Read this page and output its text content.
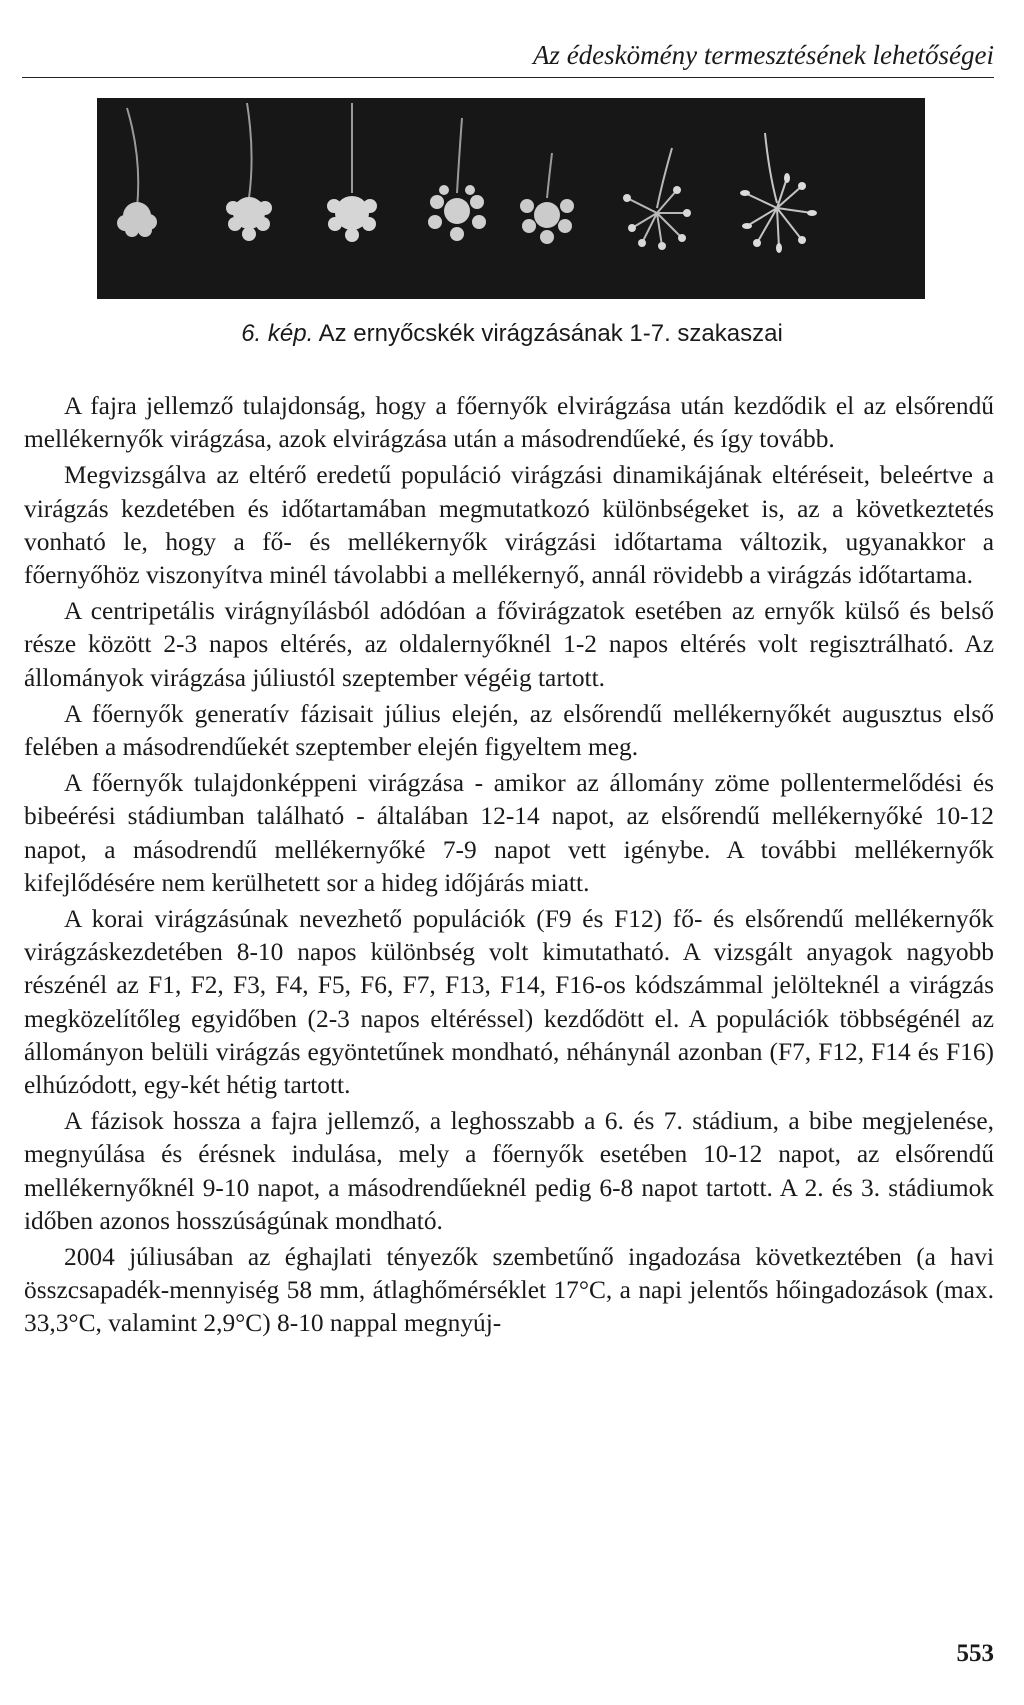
Az édeskömény termesztésének lehetőségei
6. kép. Az ernyőcskék virágzásának 1-7. szakaszai

A fajra jellemző tulajdonság, hogy a főernyők elvirágzása után kezdődik el az elsőrendű mellékernyők virágzása, azok elvirágzása után a másodrendűeké, és így tovább.

Megvizsgálva az eltérő eredetű populáció virágzási dinamikájának eltéréseit, beleértve a virágzás kezdetében és időtartamában megmutatkozó különbségeket is, az a következtetés vonható le, hogy a fő- és mellékernyők virágzási időtartama változik, ugyanakkor a főernyőhöz viszonyítva minél távolabbi a mellékernyő, annál rövidebb a virágzás időtartama.

A centripetális virágnyílásból adódóan a fővirágzatok esetében az ernyők külső és belső része között 2-3 napos eltérés, az oldalernyőknél 1-2 napos eltérés volt regisztrálható. Az állományok virágzása júliustól szeptember végéig tartott.

A főernyők generatív fázisait július elején, az elsőrendű mellékernyőkét augusztus első felében a másodrendűekét szeptember elején figyeltem meg.

A főernyők tulajdonképpeni virágzása - amikor az állomány zöme pollentermelődési és bibeérési stádiumban található - általában 12-14 napot, az elsőrendű mellékernyőké 10-12 napot, a másodrendű mellékernyőké 7-9 napot vett igénybe. A további mellékernyők kifejlődésére nem kerülhetett sor a hideg időjárás miatt.

A korai virágzásúnak nevezhető populációk (F9 és F12) fő- és elsőrendű mellékernyők virágzáskezdetében 8-10 napos különbség volt kimutatható. A vizsgált anyagok nagyobb részénél az F1, F2, F3, F4, F5, F6, F7, F13, F14, F16-os kódszámmal jelölteknél a virágzás megközelítőleg egyidőben (2-3 napos eltéréssel) kezdődött el. A populációk többségénél az állományon belüli virágzás egyöntetűnek mondható, néhánynál azonban (F7, F12, F14 és F16) elhúzódott, egy-két hétig tartott.

A fázisok hossza a fajra jellemző, a leghosszabb a 6. és 7. stádium, a bibe megjelenése, megnyúlása és érésnek indulása, mely a főernyők esetében 10-12 napot, az elsőrendű mellékernyőknél 9-10 napot, a másodrendűeknél pedig 6-8 napot tartott. A 2. és 3. stádiumok időben azonos hosszúságúnak mondható.

2004 júliusában az éghajlati tényezők szembetűnő ingadozása következtében (a havi összcsapadék-mennyiség 58 mm, átlaghőmérséklet 17°C, a napi jelentős hőingadozások (max. 33,3°C, valamint 2,9°C) 8-10 nappal megnyúj-

553
